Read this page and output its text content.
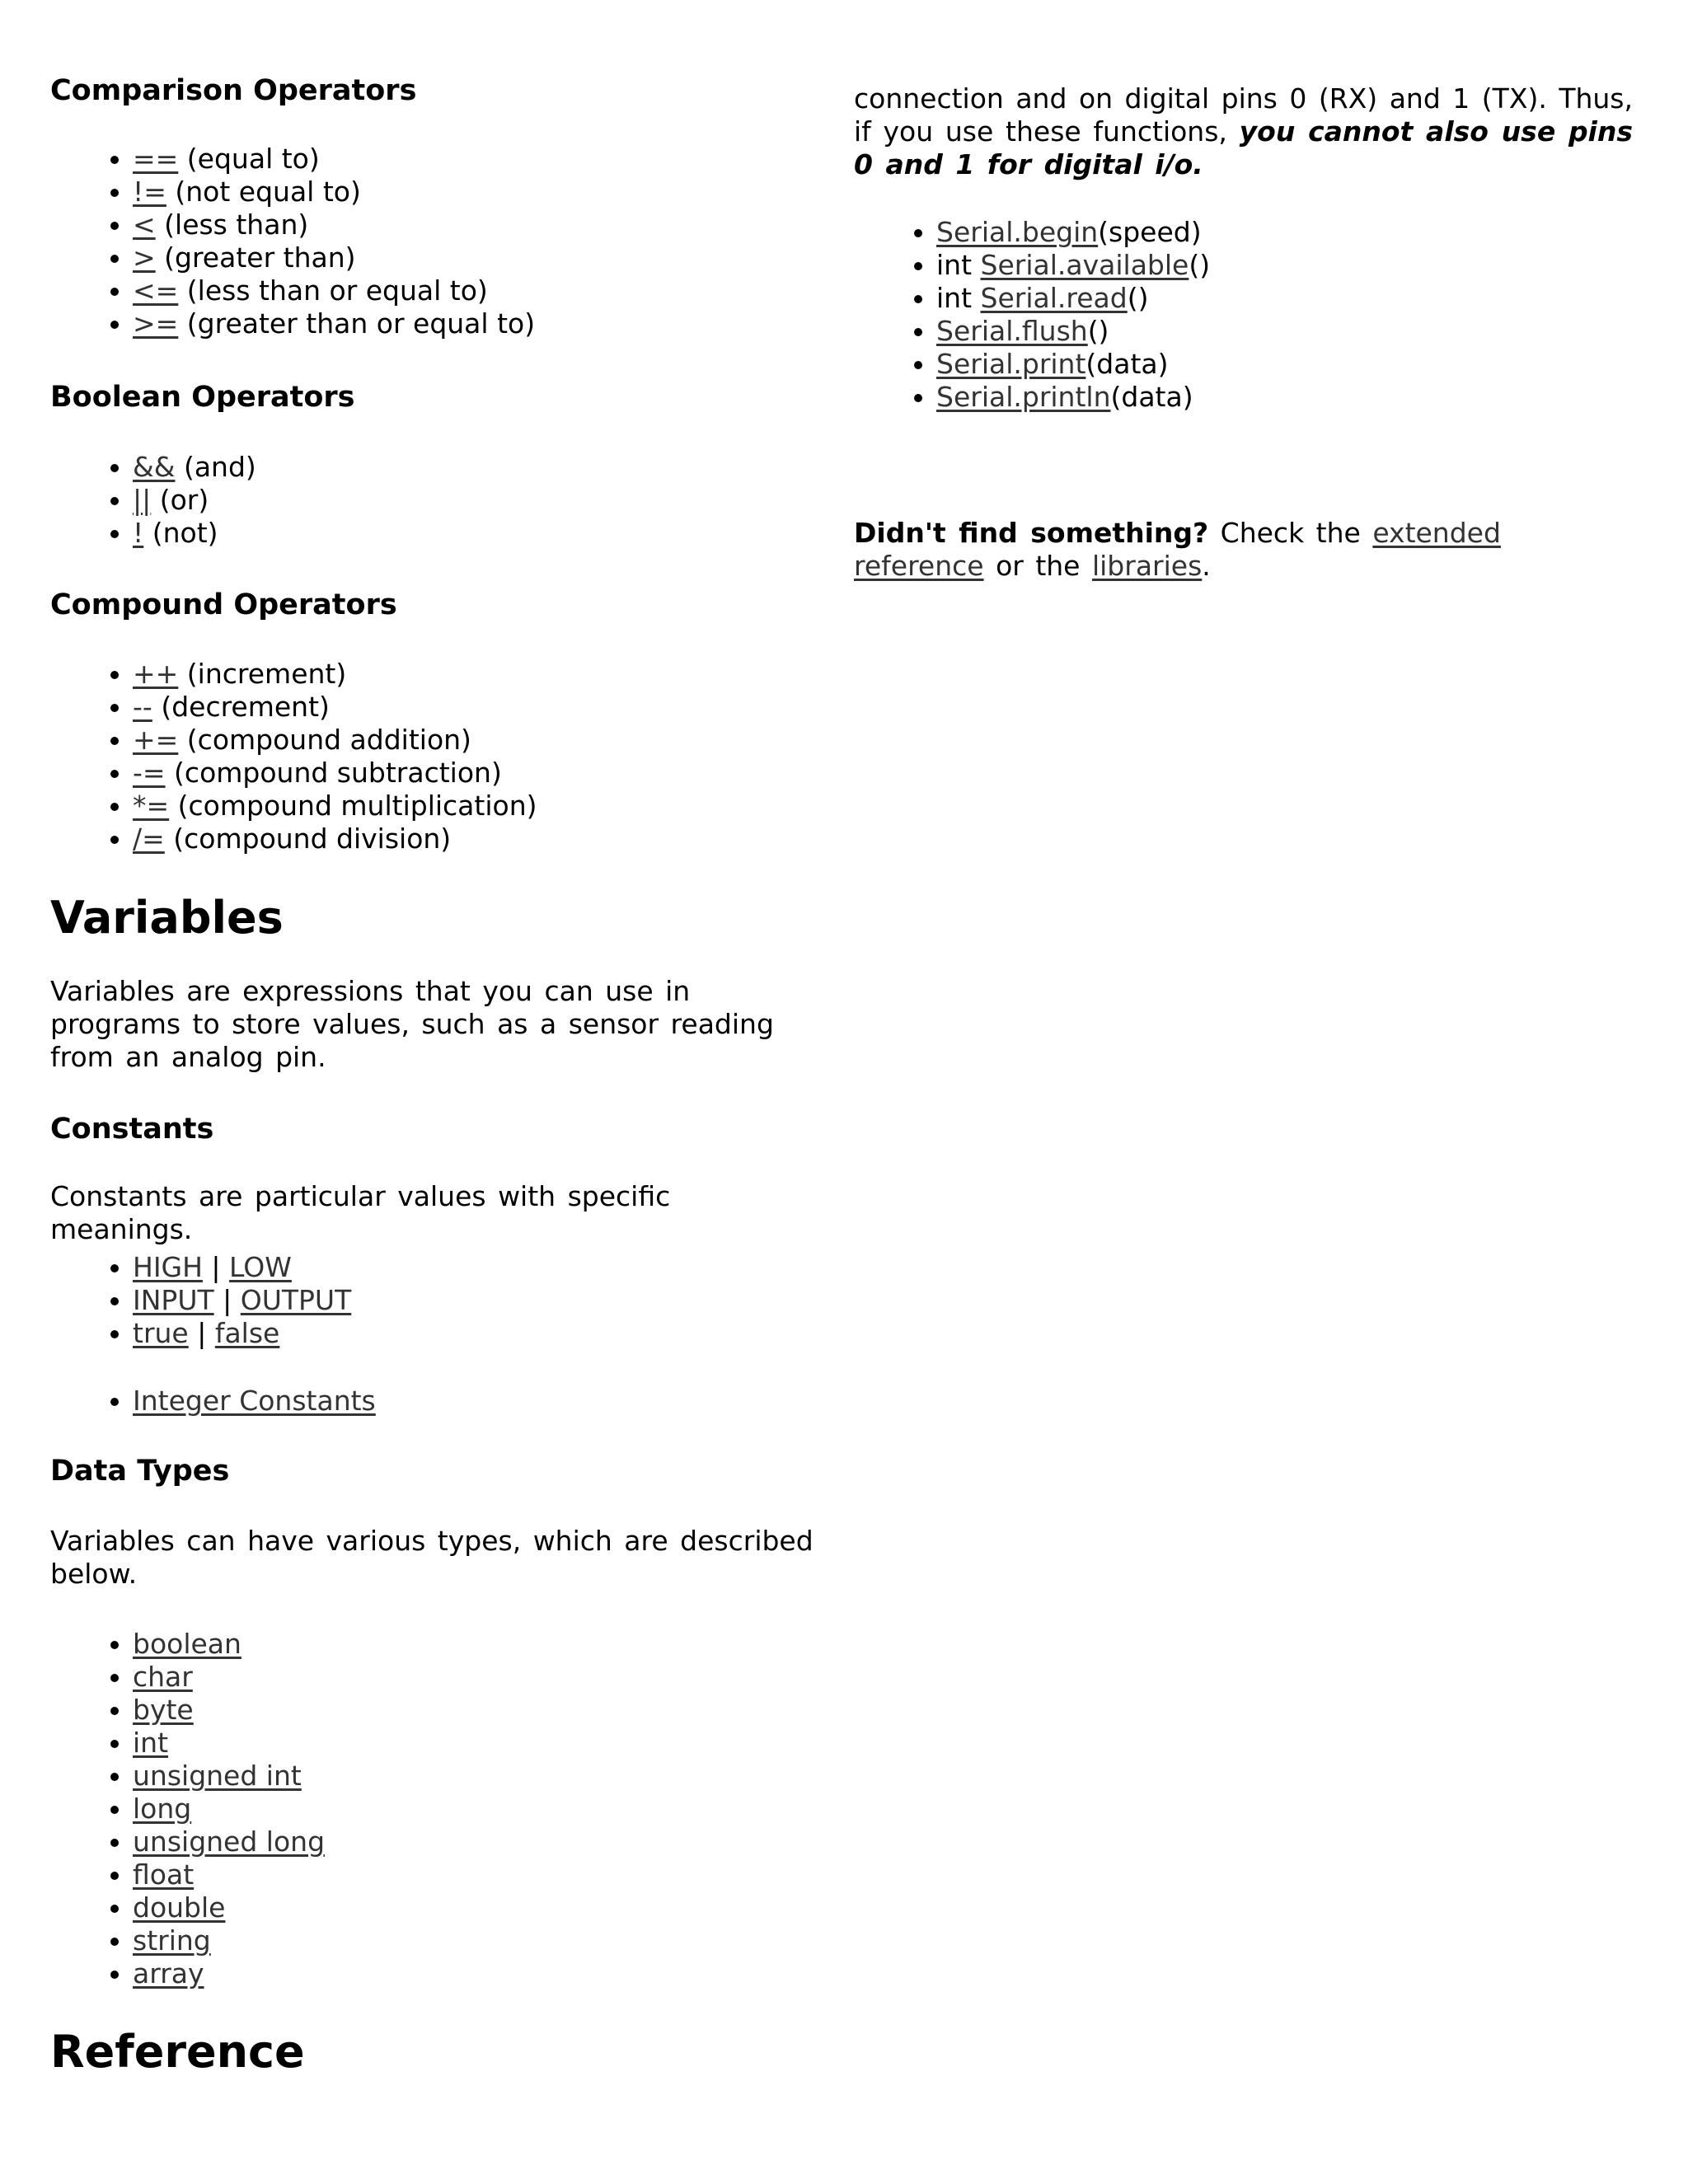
Comparison Operators
• == (equal to)
• != (not equal to)
• < (less than)
• > (greater than)
• <= (less than or equal to)
• >= (greater than or equal to)
Boolean Operators
• && (and)
• || (or)
• ! (not)
Compound Operators
• ++ (increment)
• -- (decrement)
• += (compound addition)
• -= (compound subtraction)
• *= (compound multiplication)
• /= (compound division)
Variables

Variables are expressions that you can use in programs to store values, such as a sensor reading from an analog pin.

Constants

Constants are particular values with specific meanings.

• HIGH | LOW
• INPUT | OUTPUT
• true | false
• Integer Constants
Data Types

Variables can have various types, which are described below.

• boolean
• char
• byte
• int
• unsigned int
• long
• unsigned long
• float
• double
• string
• array
Reference

connection and on digital pins 0 (RX) and 1 (TX). Thus, if you use these functions, you cannot also use pins 0 and 1 for digital i/o.

• Serial.begin(speed)
• int Serial.available()
• int Serial.read()
• Serial.flush()
• Serial.print(data)
• Serial.println(data)

Didn't find something? Check the extended reference or the libraries.
